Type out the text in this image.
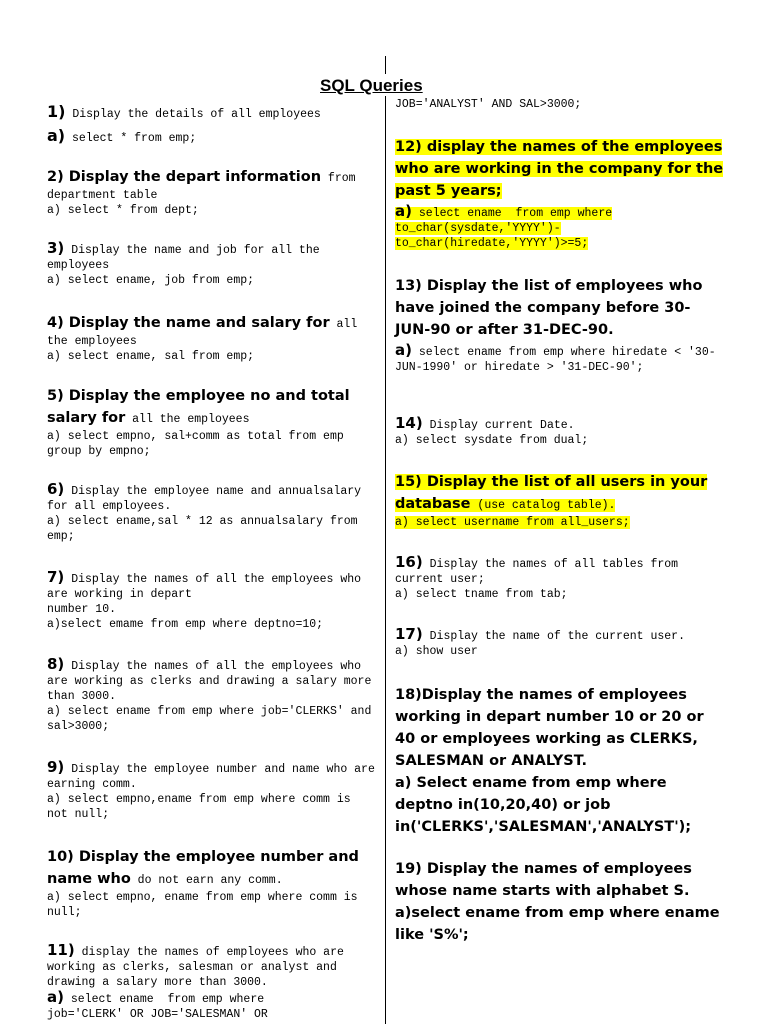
SQL Queries
1) Display the details of all employees
a) select * from emp;
2) Display the depart information from department table
a) select * from dept;
3) Display the name and job for all the employees
a) select ename, job from emp;
4) Display the name and salary for all the employees
a) select ename, sal from emp;
5) Display the employee no and total
salary for all the employees
a) select empno, sal+comm as total from emp group by empno;
6) Display the employee name and annualsalary for all employees.
a) select ename,sal * 12 as annualsalary from emp;
7) Display the names of all the employees who are working in depart
number 10.
a)select emame from emp where deptno=10;
8) Display the names of all the employees who are working as clerks and drawing a salary more than 3000.
a) select ename from emp where job='CLERKS' and sal>3000;
9) Display the employee number and name who are earning comm.
a) select empno,ename from emp where comm is not null;
10) Display the employee number and
name who do not earn any comm.
a) select empno, ename from emp where comm is null;
11) display the names of employees who are working as clerks, salesman or analyst and drawing a salary more than 3000.
a) select ename  from emp where
job='CLERK' OR JOB='SALESMAN' OR
JOB='ANALYST' AND SAL>3000;
12) display the names of the employees who are working in the company for the past 5 years;
a) select ename  from emp where
to_char(sysdate,'YYYY')-
to_char(hiredate,'YYYY')>=5;
13) Display the list of employees who have joined the company before 30-JUN-90 or after 31-DEC-90.
a) select ename from emp where hiredate < '30-JUN-1990' or hiredate > '31-DEC-90';
14) Display current Date.
a) select sysdate from dual;
15) Display the list of all users in your
database (use catalog table).
a) select username from all_users;
16) Display the names of all tables from current user;
a) select tname from tab;
17) Display the name of the current user.
a) show user
18)Display the names of employees working in depart number 10 or 20 or 40 or employees working as CLERKS, SALESMAN or ANALYST.
a) Select ename from emp where deptno in(10,20,40) or job in('CLERKS','SALESMAN','ANALYST');
19) Display the names of employees whose name starts with alphabet S.
a)select ename from emp where ename like 'S%';
